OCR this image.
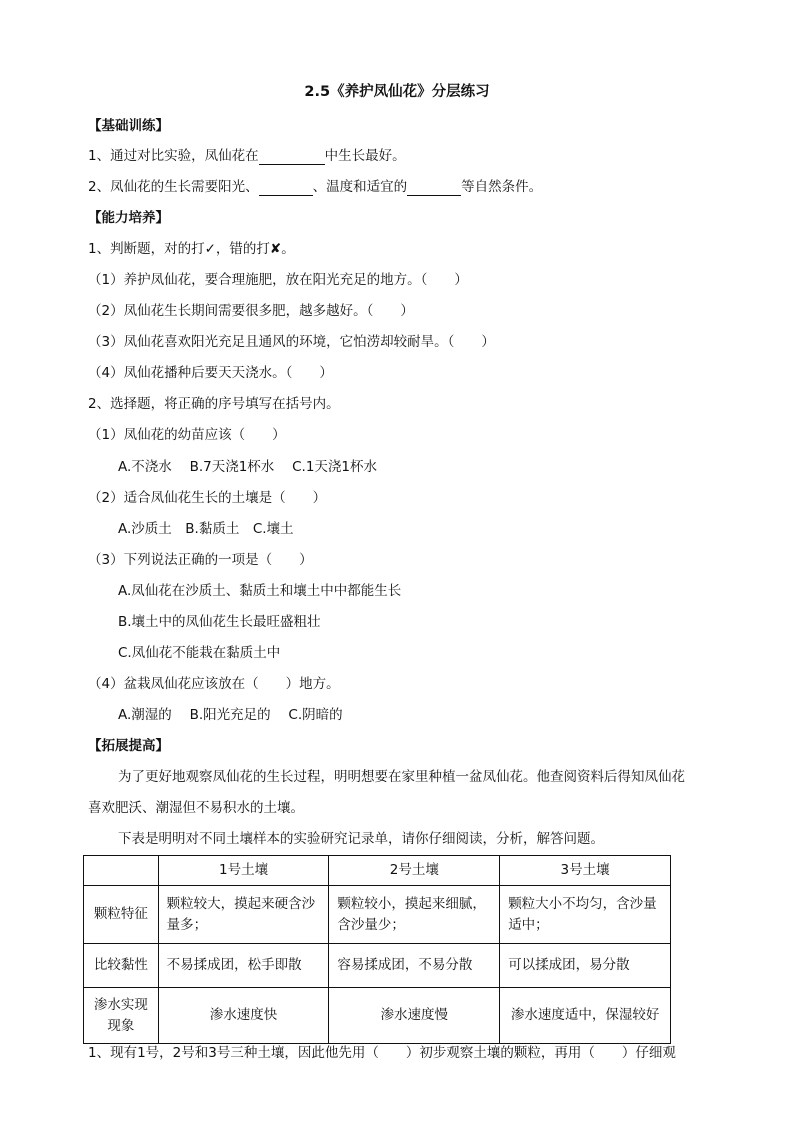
2.5《养护凤仙花》分层练习
【基础训练】
1、通过对比实验，凤仙花在	中生长最好。
2、凤仙花的生长需要阳光、	、温度和适宜的	等自然条件。
【能力培养】
1、判断题，对的打✓，错的打✘。
（1）养护凤仙花，要合理施肥，放在阳光充足的地方。（　　）
（2）凤仙花生长期间需要很多肥，越多越好。（　　）
（3）凤仙花喜欢阳光充足且通风的环境，它怕涝却较耐旱。（　　）
（4）凤仙花播种后要天天浇水。（　　）
2、选择题，将正确的序号填写在括号内。
（1）凤仙花的幼苗应该（　　）
A.不浇水　 B.7天浇1杯水　 C.1天浇1杯水
（2）适合凤仙花生长的土壤是（　　）
A.沙质土　B.黏质土　C.壤土
（3）下列说法正确的一项是（　　）
A.凤仙花在沙质土、黏质土和壤土中中都能生长
B.壤土中的凤仙花生长最旺盛粗壮
C.凤仙花不能栽在黏质土中
（4）盆栽凤仙花应该放在（　　）地方。
A.潮湿的　 B.阳光充足的　 C.阴暗的
【拓展提高】
为了更好地观察凤仙花的生长过程，明明想要在家里种植一盆凤仙花。他查阅资料后得知凤仙花
喜欢肥沃、潮湿但不易积水的土壤。
下表是明明对不同土壤样本的实验研究记录单，请你仔细阅读，分析，解答问题。
	1号土壤	2号土壤	3号土壤
颗粒特征	颗粒较大，摸起来硬含沙量多；	颗粒较小，摸起来细腻，含沙量少；	颗粒大小不均匀，含沙量适中；
比较黏性	不易揉成团，松手即散	容易揉成团，不易分散	可以揉成团，易分散
渗水实现现象	渗水速度快	渗水速度慢	渗水速度适中，保湿较好
1、现有1号，2号和3号三种土壤，因此他先用（　　）初步观察土壤的颗粒，再用（　　）仔细观
